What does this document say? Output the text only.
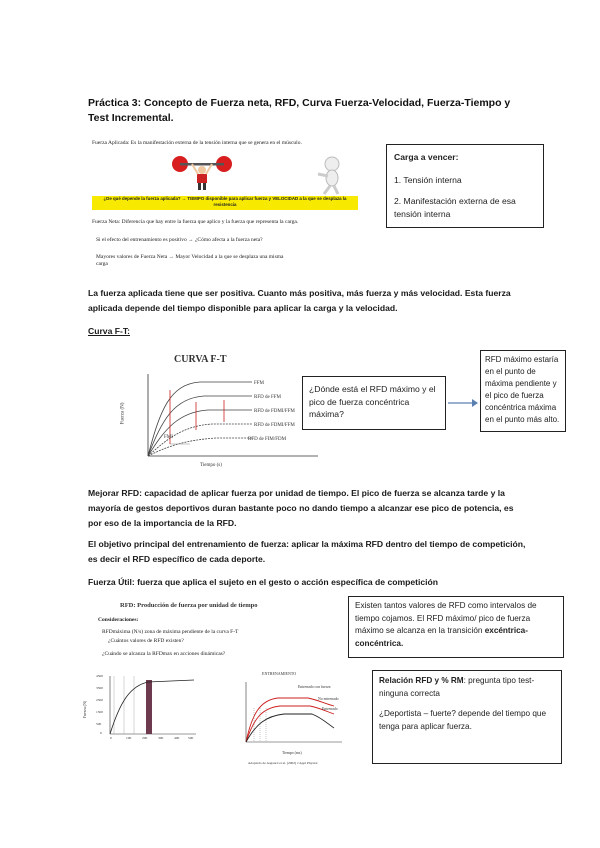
Práctica 3: Concepto de Fuerza neta, RFD, Curva Fuerza-Velocidad, Fuerza-Tiempo y Test Incremental.
Fuerza Aplicada: Es la manifestación externa de la tensión interna que se genera en el músculo.
¿De qué depende la fuerza aplicada? → TIEMPO disponible para aplicar fuerza y VELOCIDAD a la que se desplaza la resistencia
Fuerza Neta: Diferencia que hay entre la fuerza que aplico y la fuerza que representa la carga.
Si el efecto del entrenamiento es positivo → ¿Cómo afecta a la fuerza neta?
Mayores valores de Fuerza Neta → Mayor Velocidad a la que se desplaza una misma carga
Carga a vencer:
1. Tensión interna
2. Manifestación externa de esa tensión interna
La fuerza aplicada tiene que ser positiva. Cuanto más positiva, más fuerza y más velocidad. Esta fuerza aplicada depende del tiempo disponible para aplicar la carga y la velocidad.
Curva F-T:
CURVA F-T
Fuerza (N)
Tiempo (s)
FMI
FFM
RFD de FFM
RFD de FDMI/FFM
RFD de FDMI/FFM
RFD de FIM/FDM
¿Dónde está el RFD máximo y el pico de fuerza concéntrica máxima?
RFD máximo estaría en el punto de máxima pendiente y el pico de fuerza concéntrica máxima en el punto más alto.
Mejorar RFD: capacidad de aplicar fuerza por unidad de tiempo. El pico de fuerza se alcanza tarde y la mayoría de gestos deportivos duran bastante poco no dando tiempo a alcanzar ese pico de potencia, es por eso de la importancia de la RFD.
El objetivo principal del entrenamiento de fuerza: aplicar la máxima RFD dentro del tiempo de competición, es decir el RFD específico de cada deporte.
Fuerza Útil: fuerza que aplica el sujeto en el gesto o acción específica de competición
RFD: Producción de fuerza por unidad de tiempo
Consideraciones:
RFDmáxima (N/s) zona de máxima pendiente de la curva F-T
¿Cuántos valores de RFD existen?
¿Cuándo se alcanza la RFDmax en acciones dinámicas?
Fuerza (N)
4500
3500
2500
1500
500
0
0	100	200	300	400	500
ENTRENAMIENTO
Entrenado con fuerza
No entrenado
Entrenado
Tiempo (ms)
Adaptado de Aagaard et al. (2002) J Appl Physiol
Existen tantos valores de RFD como intervalos de tiempo cojamos. El RFD máximo/ pico de fuerza máximo se alcanza en la transición excéntrica-concéntrica.
Relación RFD y % RM: pregunta tipo test- ninguna correcta
¿Deportista – fuerte? depende del tiempo que tenga para aplicar fuerza.
